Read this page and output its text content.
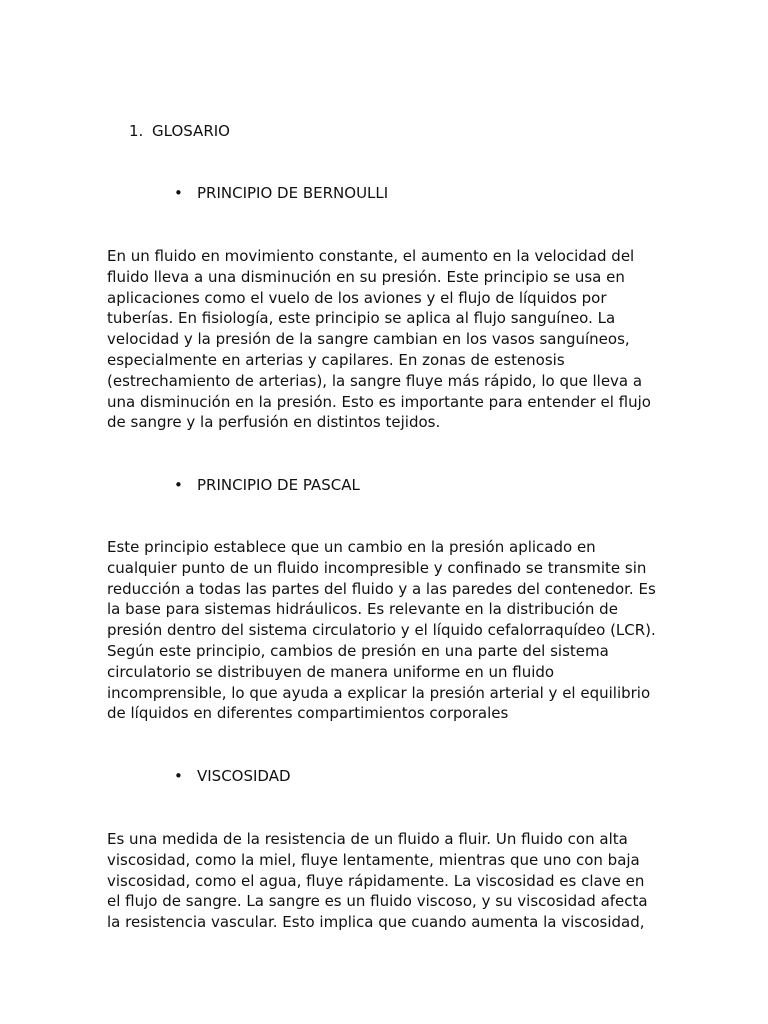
1. GLOSARIO
• PRINCIPIO DE BERNOULLI

En un fluido en movimiento constante, el aumento en la velocidad del
fluido lleva a una disminución en su presión. Este principio se usa en
aplicaciones como el vuelo de los aviones y el flujo de líquidos por
tuberías. En fisiología, este principio se aplica al flujo sanguíneo. La
velocidad y la presión de la sangre cambian en los vasos sanguíneos,
especialmente en arterias y capilares. En zonas de estenosis
(estrechamiento de arterias), la sangre fluye más rápido, lo que lleva a
una disminución en la presión. Esto es importante para entender el flujo
de sangre y la perfusión en distintos tejidos.

• PRINCIPIO DE PASCAL

Este principio establece que un cambio en la presión aplicado en
cualquier punto de un fluido incompresible y confinado se transmite sin
reducción a todas las partes del fluido y a las paredes del contenedor. Es
la base para sistemas hidráulicos. Es relevante en la distribución de
presión dentro del sistema circulatorio y el líquido cefalorraquídeo (LCR).
Según este principio, cambios de presión en una parte del sistema
circulatorio se distribuyen de manera uniforme en un fluido
incomprensible, lo que ayuda a explicar la presión arterial y el equilibrio
de líquidos en diferentes compartimientos corporales

• VISCOSIDAD

Es una medida de la resistencia de un fluido a fluir. Un fluido con alta
viscosidad, como la miel, fluye lentamente, mientras que uno con baja
viscosidad, como el agua, fluye rápidamente. La viscosidad es clave en
el flujo de sangre. La sangre es un fluido viscoso, y su viscosidad afecta
la resistencia vascular. Esto implica que cuando aumenta la viscosidad,
